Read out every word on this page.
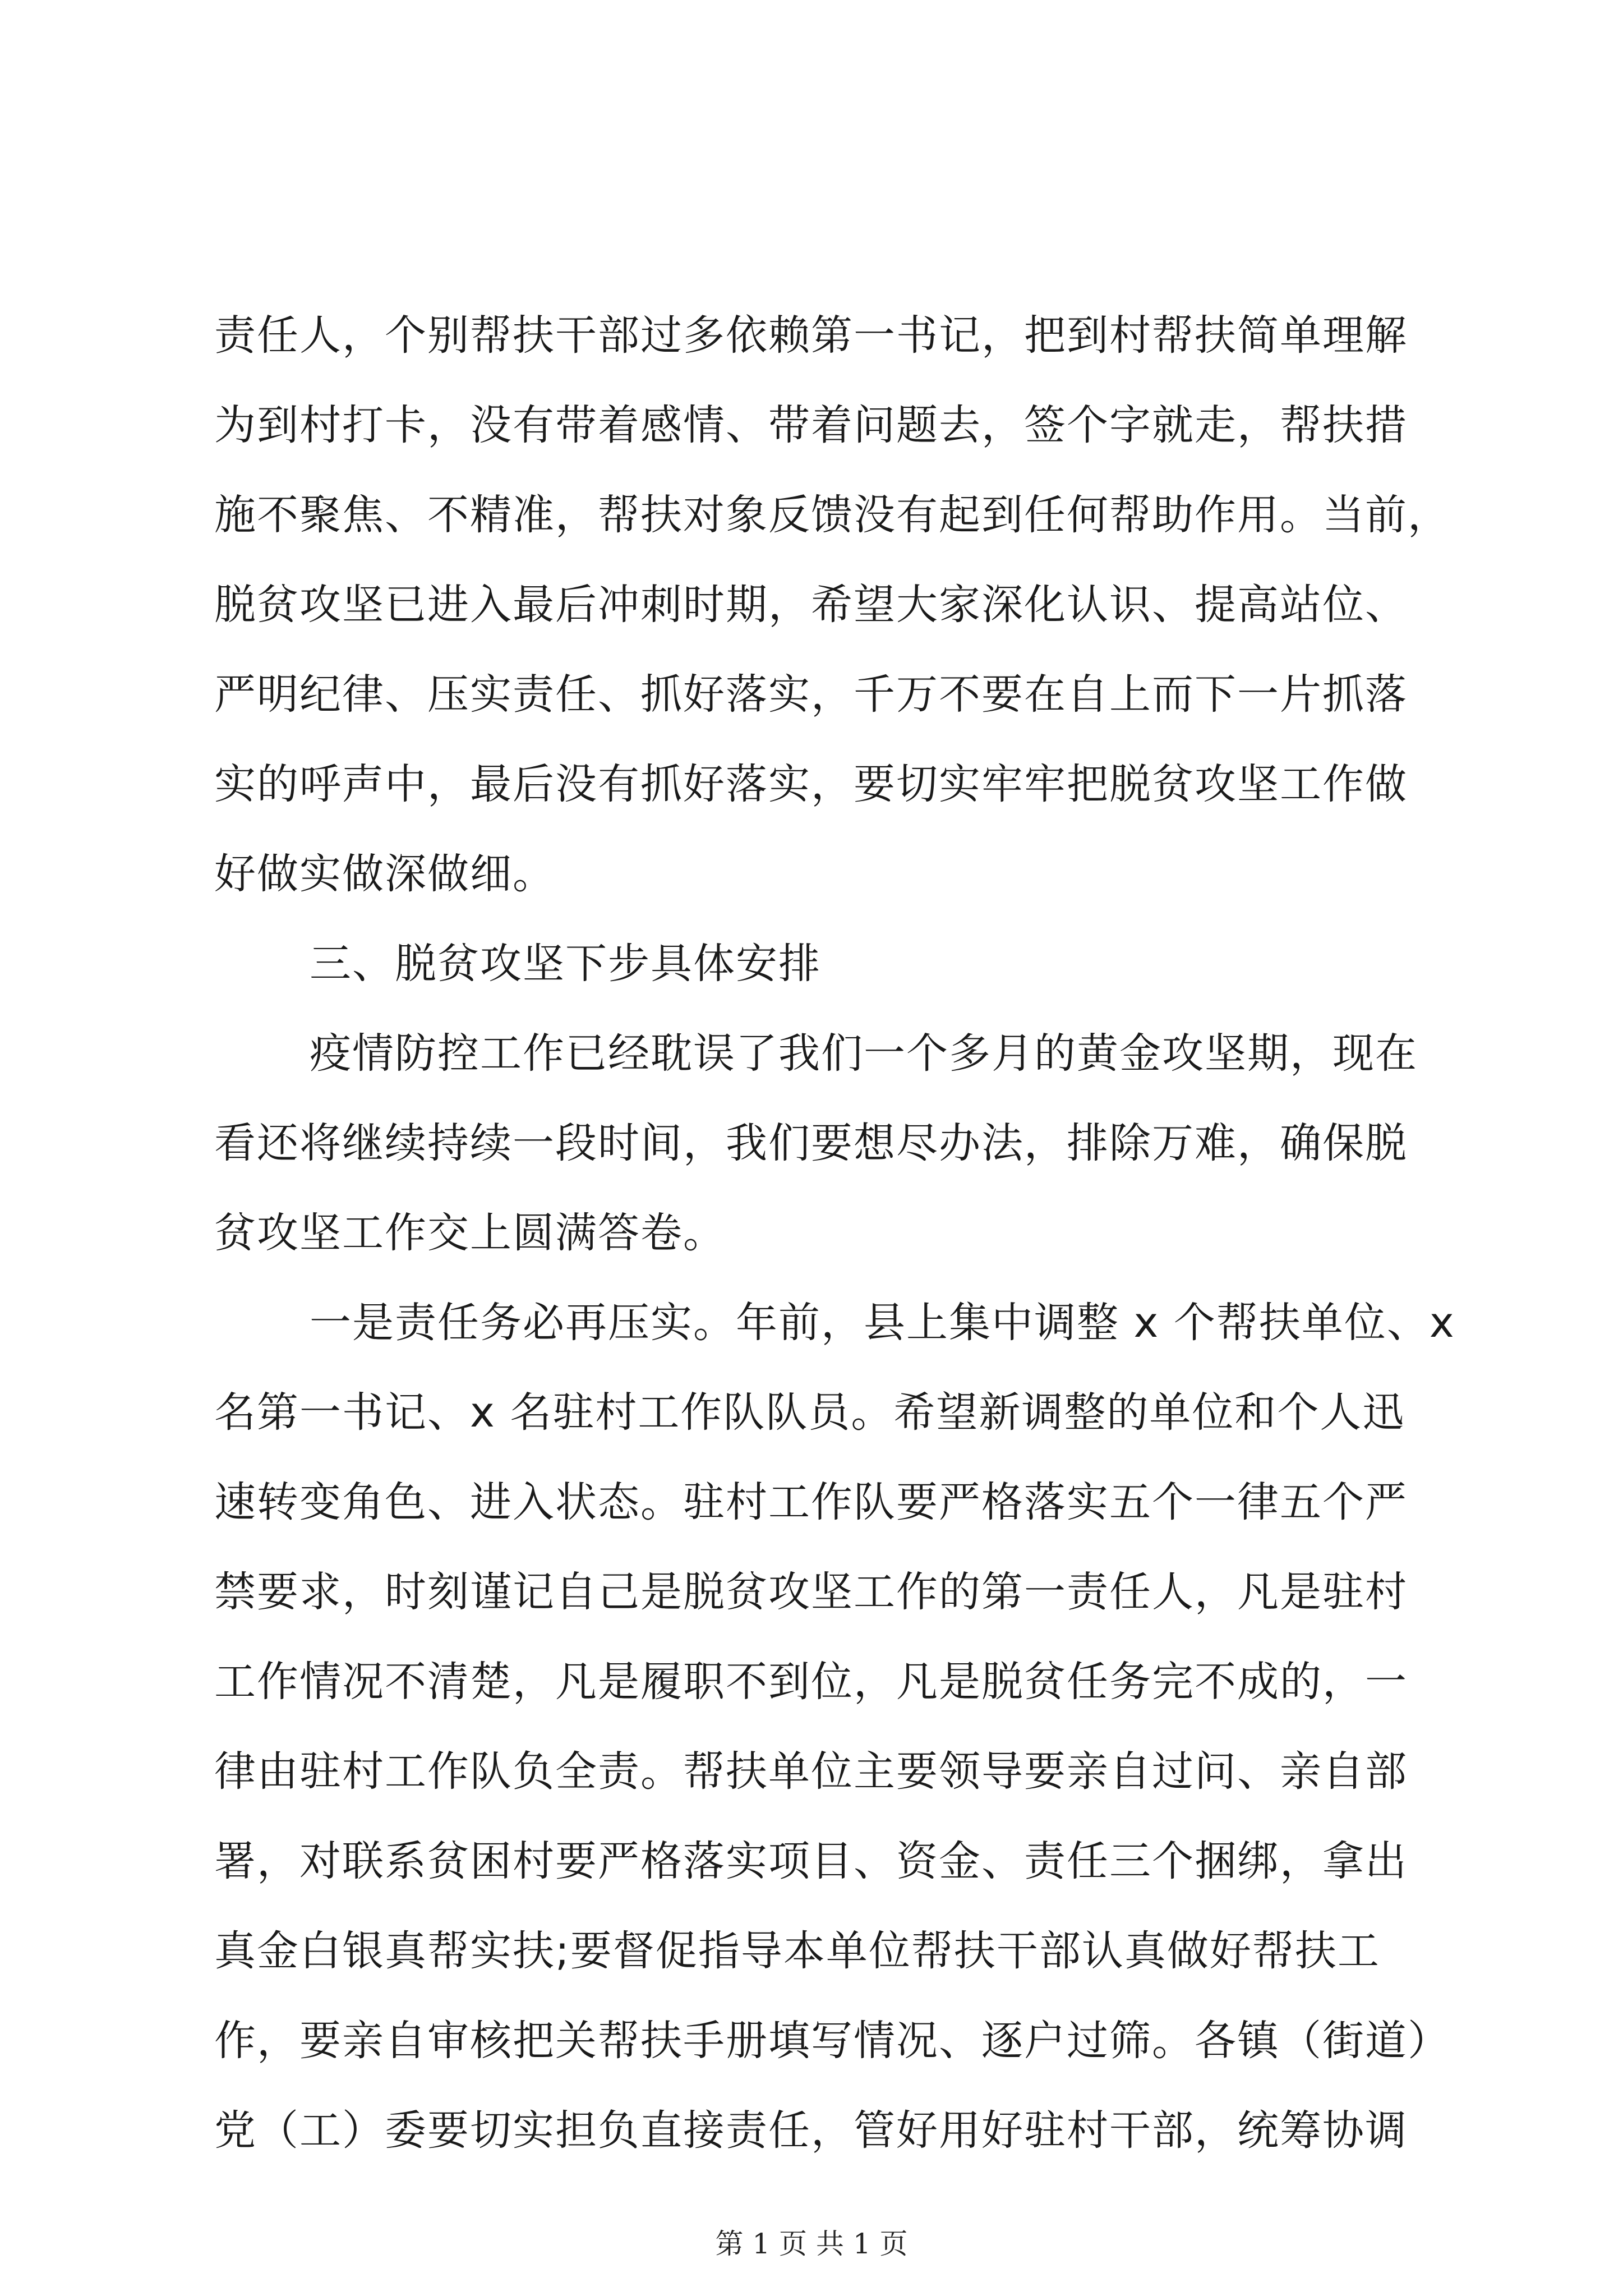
责任人，个别帮扶干部过多依赖第一书记，把到村帮扶简单理解
为到村打卡，没有带着感情、带着问题去，签个字就走，帮扶措
施不聚焦、不精准，帮扶对象反馈没有起到任何帮助作用。当前，
脱贫攻坚已进入最后冲刺时期，希望大家深化认识、提高站位、
严明纪律、压实责任、抓好落实，千万不要在自上而下一片抓落
实的呼声中，最后没有抓好落实，要切实牢牢把脱贫攻坚工作做
好做实做深做细。
三、脱贫攻坚下步具体安排
疫情防控工作已经耽误了我们一个多月的黄金攻坚期，现在
看还将继续持续一段时间，我们要想尽办法，排除万难，确保脱
贫攻坚工作交上圆满答卷。
一是责任务必再压实。年前，县上集中调整 x 个帮扶单位、x
名第一书记、x 名驻村工作队队员。希望新调整的单位和个人迅
速转变角色、进入状态。驻村工作队要严格落实五个一律五个严
禁要求，时刻谨记自己是脱贫攻坚工作的第一责任人，凡是驻村
工作情况不清楚，凡是履职不到位，凡是脱贫任务完不成的，一
律由驻村工作队负全责。帮扶单位主要领导要亲自过问、亲自部
署，对联系贫困村要严格落实项目、资金、责任三个捆绑，拿出
真金白银真帮实扶;要督促指导本单位帮扶干部认真做好帮扶工
作，要亲自审核把关帮扶手册填写情况、逐户过筛。各镇（街道）
党（工）委要切实担负直接责任，管好用好驻村干部，统筹协调
第 1 页 共 1 页
